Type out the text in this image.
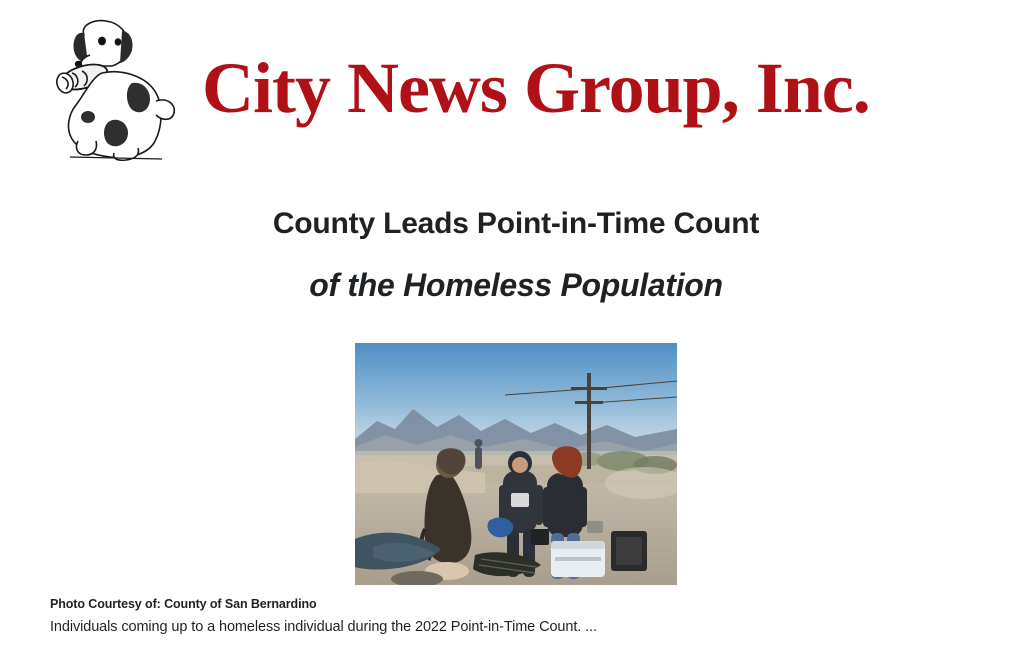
City News Group, Inc.
County Leads Point-in-Time Count
of the Homeless Population
Photo Courtesy of: County of San Bernardino
Individuals coming up to a homeless individual during the 2022 Point-in-Time Count. ...
